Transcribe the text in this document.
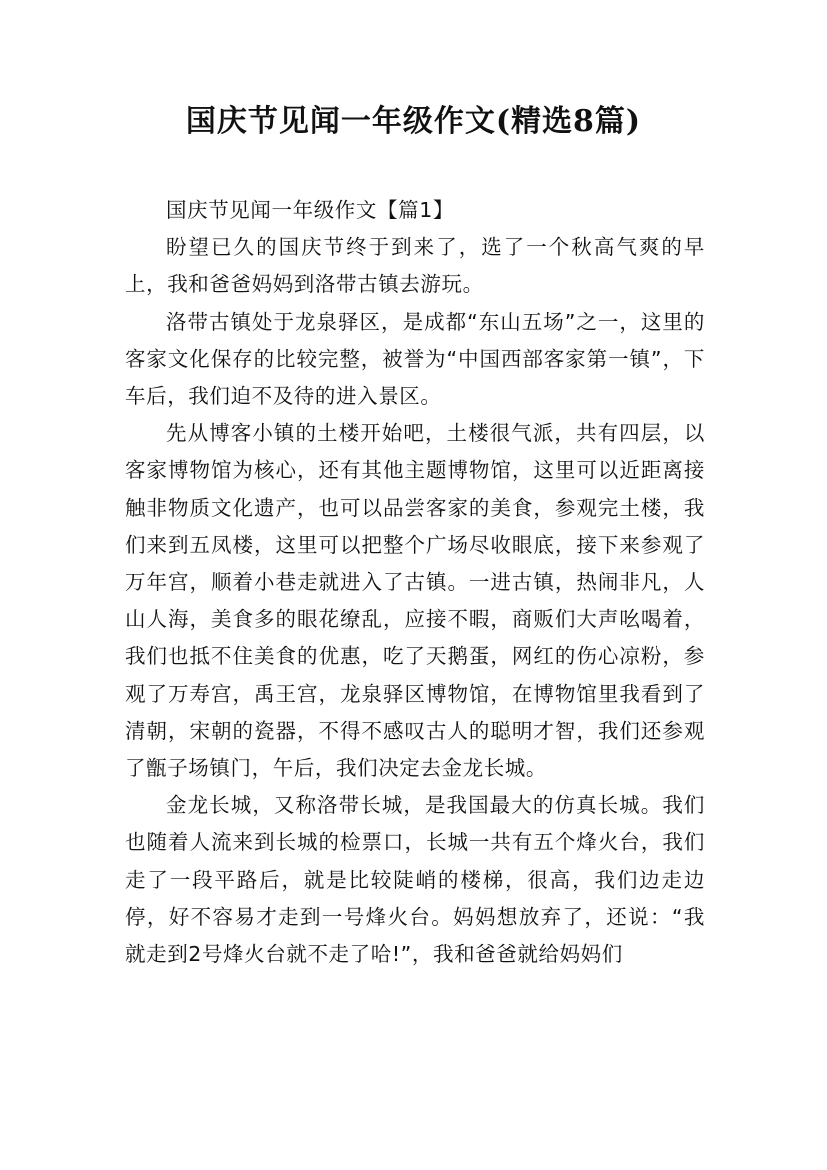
国庆节见闻一年级作文(精选8篇)

国庆节见闻一年级作文【篇1】

盼望已久的国庆节终于到来了，选了一个秋高气爽的早上，我和爸爸妈妈到洛带古镇去游玩。

洛带古镇处于龙泉驿区，是成都“东山五场”之一，这里的客家文化保存的比较完整，被誉为“中国西部客家第一镇”，下车后，我们迫不及待的进入景区。

先从博客小镇的土楼开始吧，土楼很气派，共有四层，以客家博物馆为核心，还有其他主题博物馆，这里可以近距离接触非物质文化遗产，也可以品尝客家的美食，参观完土楼，我们来到五凤楼，这里可以把整个广场尽收眼底，接下来参观了万年宫，顺着小巷走就进入了古镇。一进古镇，热闹非凡，人山人海，美食多的眼花缭乱，应接不暇，商贩们大声吆喝着，我们也抵不住美食的优惠，吃了天鹅蛋，网红的伤心凉粉，参观了万寿宫，禹王宫，龙泉驿区博物馆，在博物馆里我看到了清朝，宋朝的瓷器，不得不感叹古人的聪明才智，我们还参观了甑子场镇门，午后，我们决定去金龙长城。

金龙长城，又称洛带长城，是我国最大的仿真长城。我们也随着人流来到长城的检票口，长城一共有五个烽火台，我们走了一段平路后，就是比较陡峭的楼梯，很高，我们边走边停，好不容易才走到一号烽火台。妈妈想放弃了，还说：“我就走到2号烽火台就不走了哈!”，我和爸爸就给妈妈们
